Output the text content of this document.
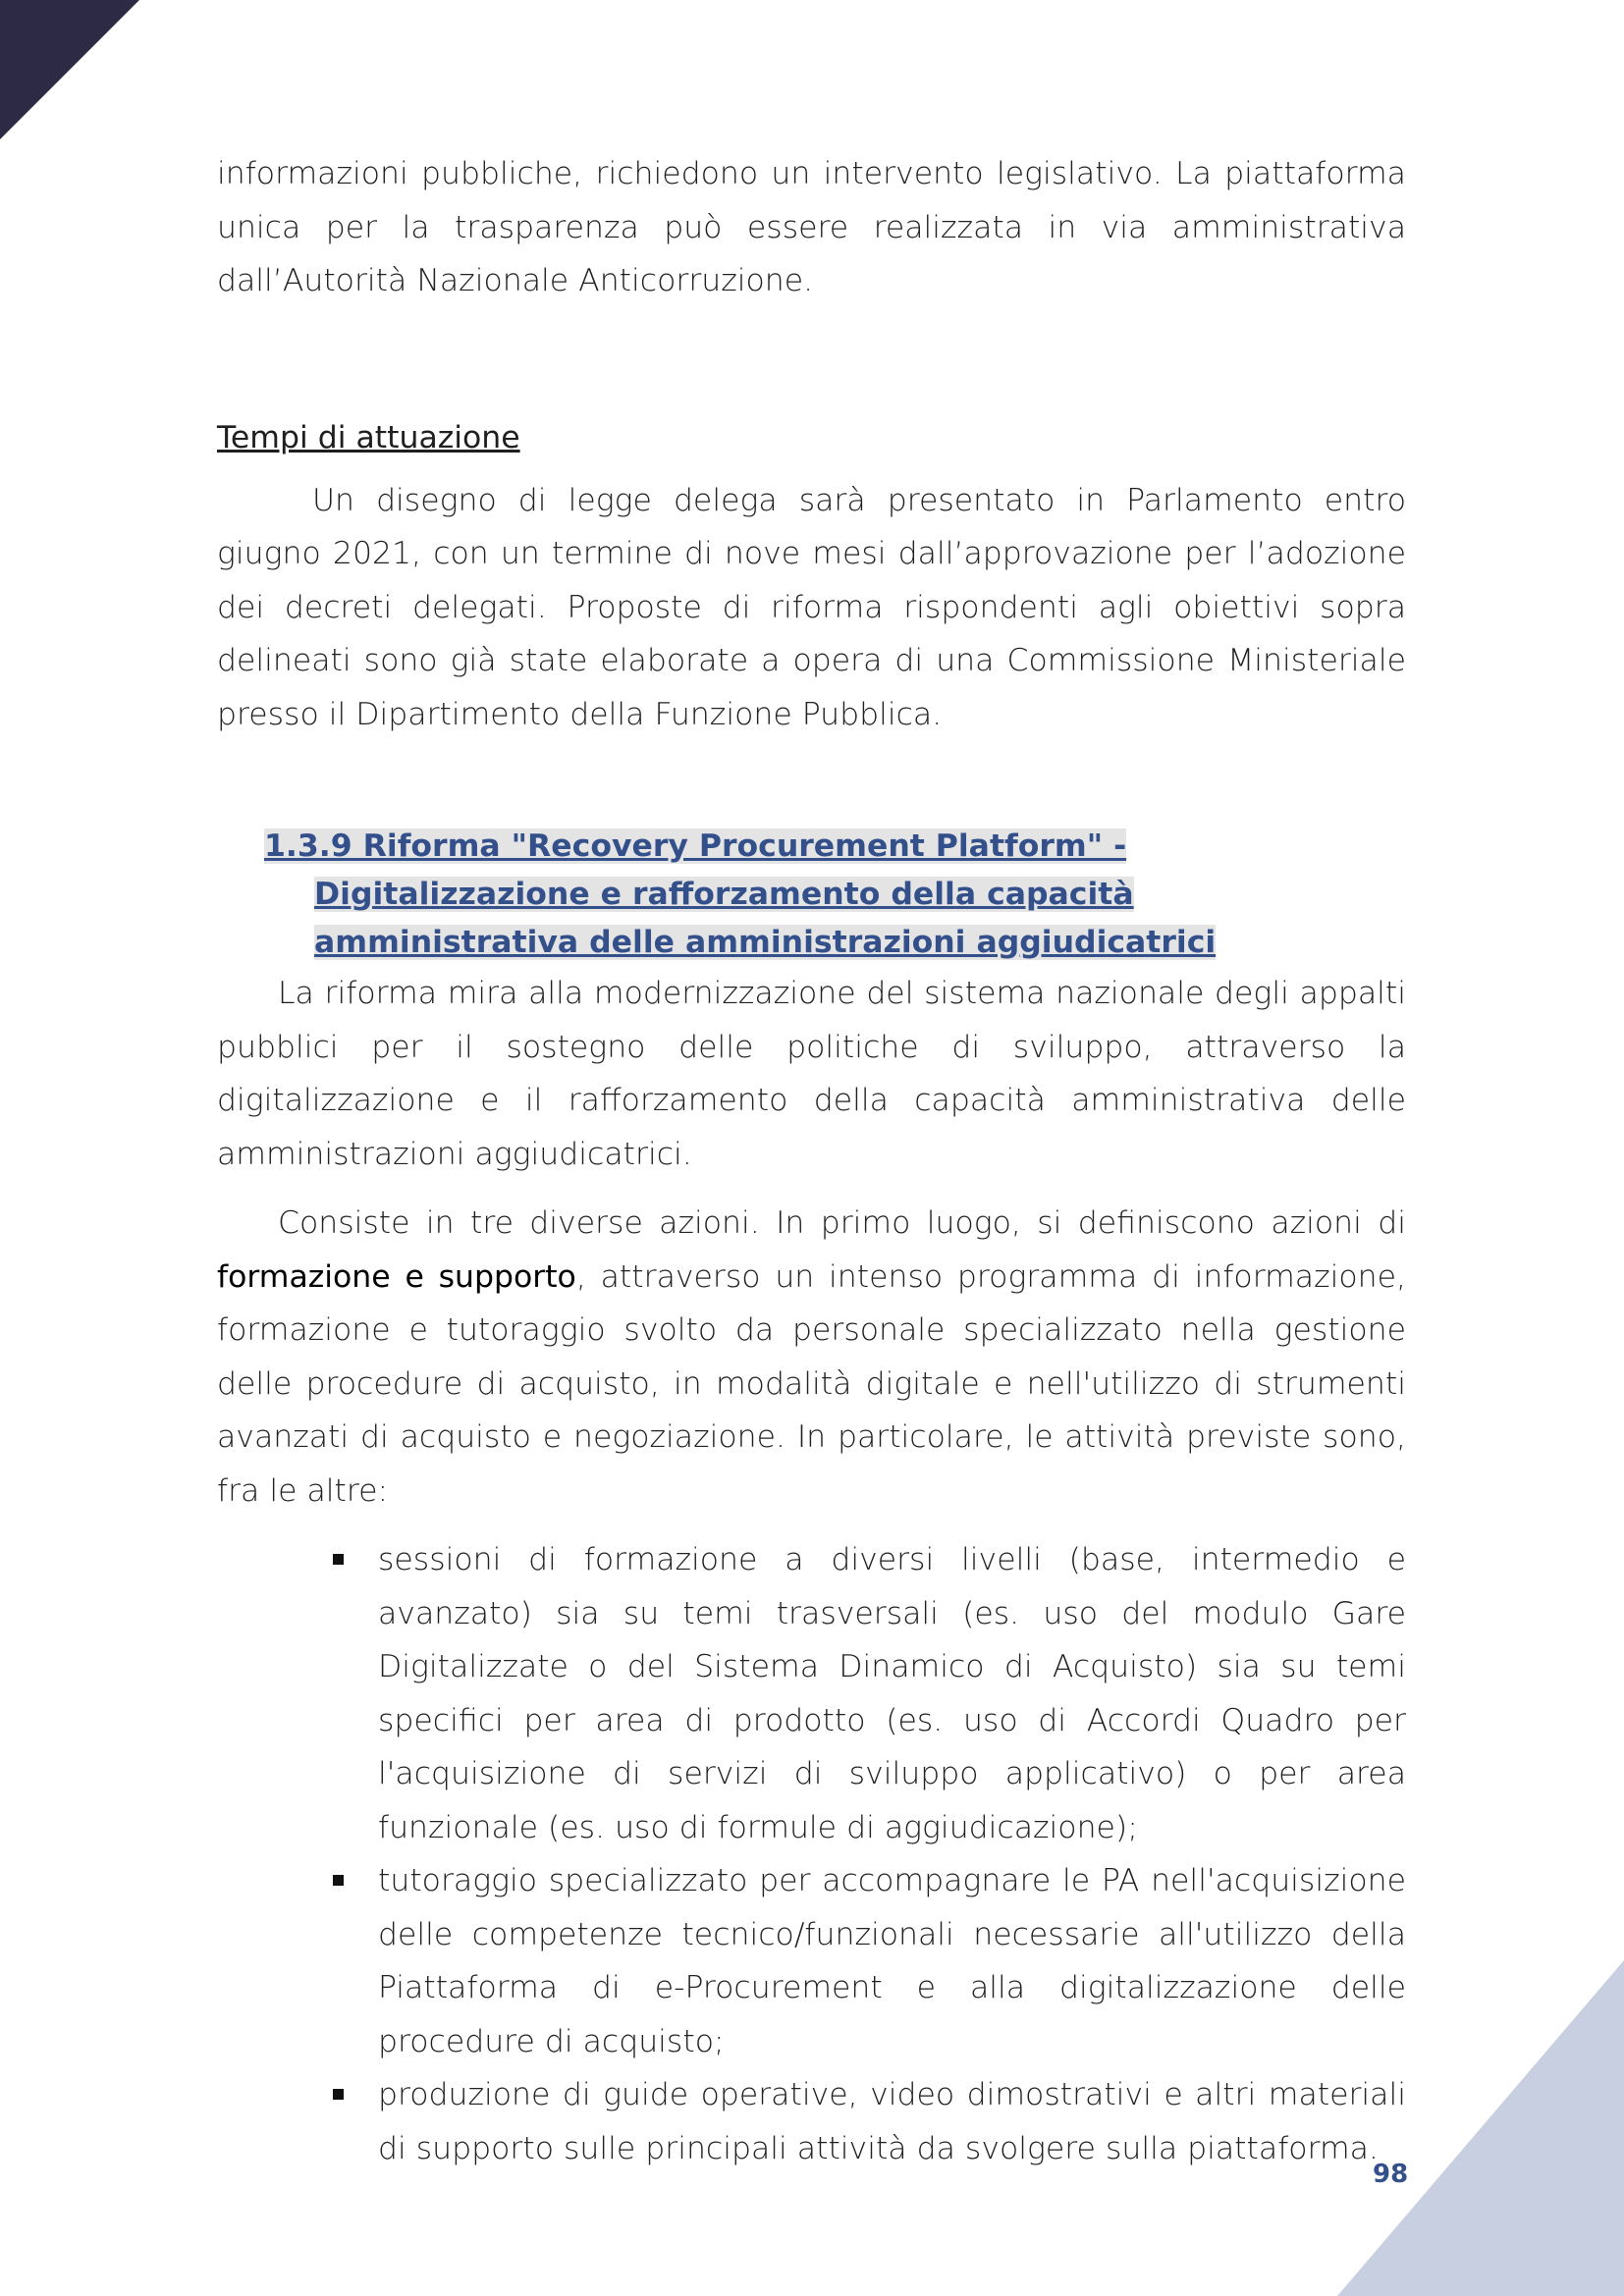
informazioni pubbliche, richiedono un intervento legislativo. La piattaforma unica per la trasparenza può essere realizzata in via amministrativa dall’Autorità Nazionale Anticorruzione.

Tempi di attuazione

Un disegno di legge delega sarà presentato in Parlamento entro giugno 2021, con un termine di nove mesi dall’approvazione per l’adozione dei decreti delegati. Proposte di riforma rispondenti agli obiettivi sopra delineati sono già state elaborate a opera di una Commissione Ministeriale presso il Dipartimento della Funzione Pubblica.

1.3.9 Riforma "Recovery Procurement Platform" - Digitalizzazione e rafforzamento della capacità amministrativa delle amministrazioni aggiudicatrici

La riforma mira alla modernizzazione del sistema nazionale degli appalti pubblici per il sostegno delle politiche di sviluppo, attraverso la digitalizzazione e il rafforzamento della capacità amministrativa delle amministrazioni aggiudicatrici.

Consiste in tre diverse azioni. In primo luogo, si definiscono azioni di formazione e supporto, attraverso un intenso programma di informazione, formazione e tutoraggio svolto da personale specializzato nella gestione delle procedure di acquisto, in modalità digitale e nell'utilizzo di strumenti avanzati di acquisto e negoziazione. In particolare, le attività previste sono, fra le altre:

sessioni di formazione a diversi livelli (base, intermedio e avanzato) sia su temi trasversali (es. uso del modulo Gare Digitalizzate o del Sistema Dinamico di Acquisto) sia su temi specifici per area di prodotto (es. uso di Accordi Quadro per l'acquisizione di servizi di sviluppo applicativo) o per area funzionale (es. uso di formule di aggiudicazione);
tutoraggio specializzato per accompagnare le PA nell'acquisizione delle competenze tecnico/funzionali necessarie all'utilizzo della Piattaforma di e-Procurement e alla digitalizzazione delle procedure di acquisto;
produzione di guide operative, video dimostrativi e altri materiali di supporto sulle principali attività da svolgere sulla piattaforma.
98
